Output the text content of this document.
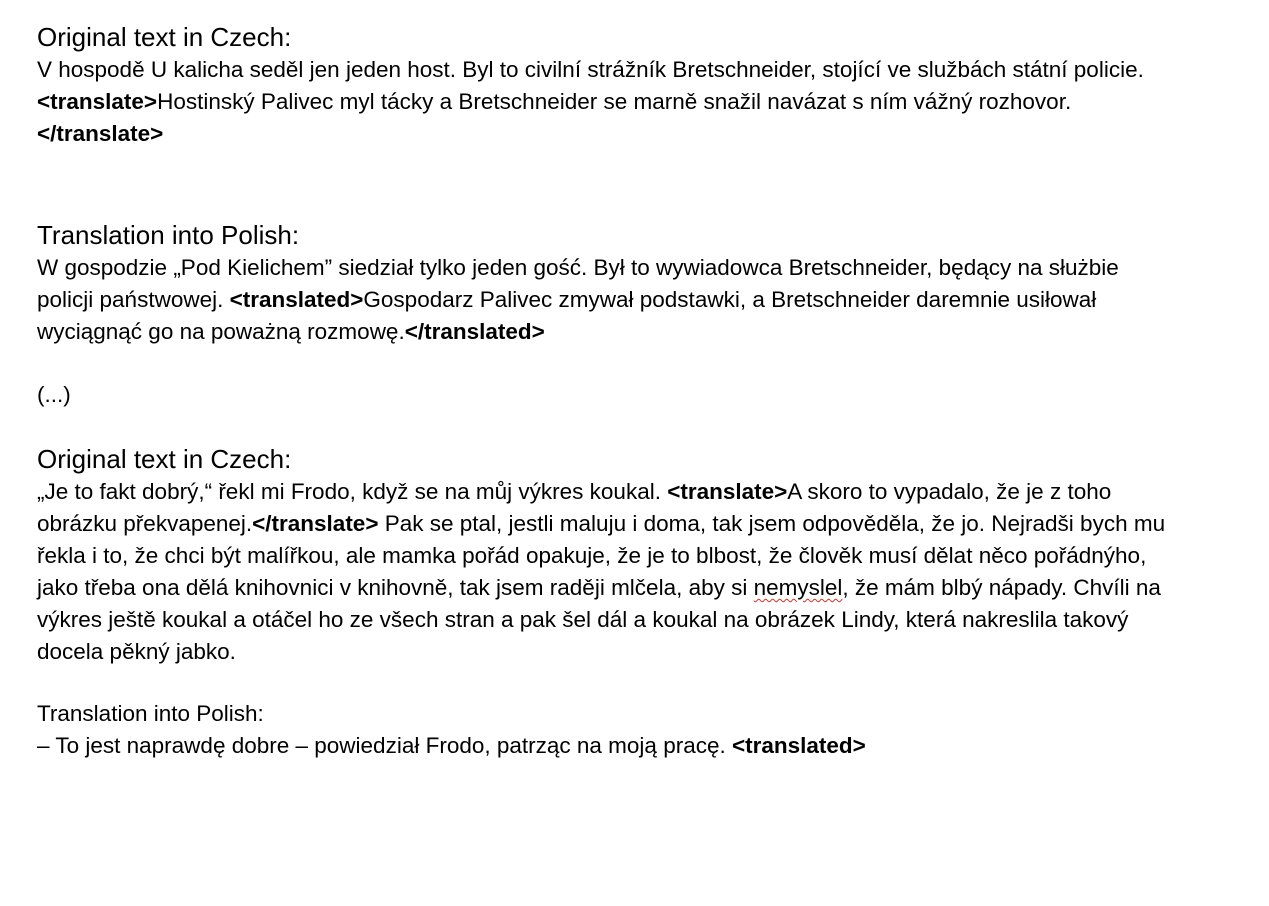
Original text in Czech:

V hospodě U kalicha seděl jen jeden host. Byl to civilní strážník Bretschneider, stojící ve službách státní policie. <translate>Hostinský Palivec myl tácky a Bretschneider se marně snažil navázat s ním vážný rozhovor.</translate>

Translation into Polish:

W gospodzie „Pod Kielichem” siedział tylko jeden gość. Był to wywiadowca Bretschneider, będący na służbie policji państwowej. <translated>Gospodarz Palivec zmywał podstawki, a Bretschneider daremnie usiłował wyciągnąć go na poważną rozmowę.</translated>

(...)

Original text in Czech:

„Je to fakt dobrý,“ řekl mi Frodo, když se na můj výkres koukal. <translate>A skoro to vypadalo, že je z toho obrázku překvapenej.</translate> Pak se ptal, jestli maluju i doma, tak jsem odpověděla, že jo. Nejradši bych mu řekla i to, že chci být malířkou, ale mamka pořád opakuje, že je to blbost, že člověk musí dělat něco pořádnýho, jako třeba ona dělá knihovnici v knihovně, tak jsem raději mlčela, aby si nemyslel, že mám blbý nápady. Chvíli na výkres ještě koukal a otáčel ho ze všech stran a pak šel dál a koukal na obrázek Lindy, která nakreslila takový docela pěkný jabko.

Translation into Polish:

– To jest naprawdę dobre – powiedział Frodo, patrząc na moją pracę. <translated>
